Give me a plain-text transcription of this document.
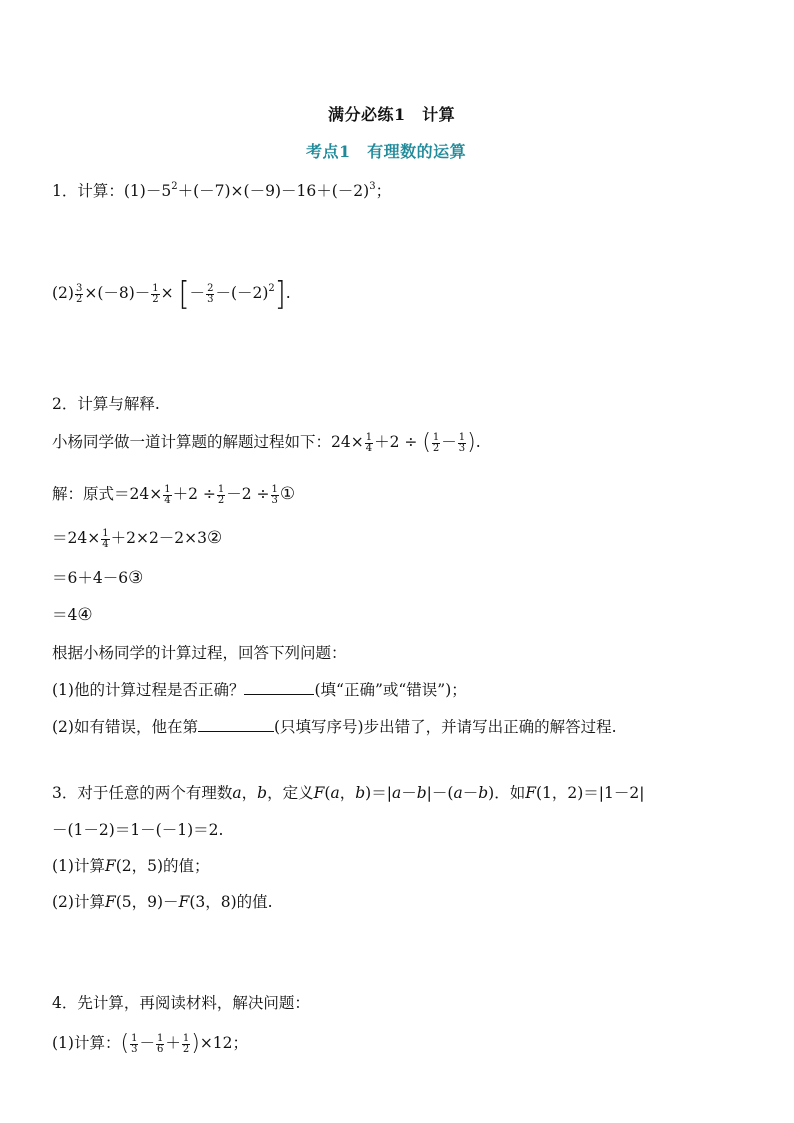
满分必练1　计算
考点1　有理数的运算
1．计算：$(1)-5^2+(-7)\times(-9)-16+(-2)^3$；
$(2) \frac{3}{2} \times(-8)- \frac{1}{2}$ × [－ $\frac{2}{3} -(-2)^2$].
2．计算与解释.
小杨同学做一道计算题的解题过程如下：$24\times \frac{1}{4} +2$ ÷ ( $\frac{1}{2} - \frac{1}{3}$ ).
解：原式$=24\times \frac{1}{4} +2 \div \frac{1}{2} -2 \div \frac{1}{3}$ ①
$=24\times \frac{1}{4}$ ＋2×2－2×3②
＝6＋4－6③
＝4④
根据小杨同学的计算过程，回答下列问题：
(1)他的计算过程是否正确？	(填“正确”或“错误”)；
(2)如有错误，他在第	(只填写序号)步出错了，并请写出正确的解答过程.
3．对于任意的两个有理数a，b，定义F(a，b)＝|a－b|－(a－b)．如F(1，2)＝|1－2|
－(1－2)＝1－(－1)＝2.
(1)计算F(2，5)的值；
(2)计算F(5，9)－F(3，8)的值.
4．先计算，再阅读材料，解决问题：
(1)计算：( $\frac{1}{3} - \frac{1}{6} + \frac{1}{2} )\times 12$；
